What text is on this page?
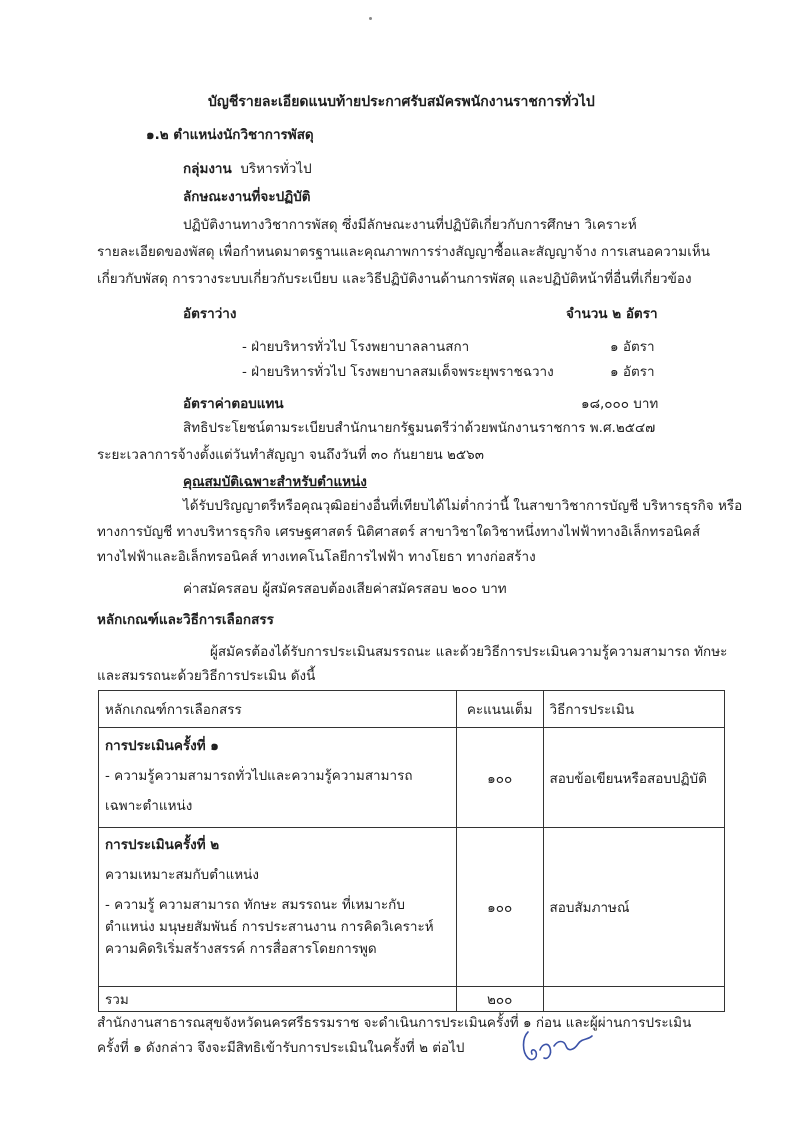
บัญชีรายละเอียดแนบท้ายประกาศรับสมัครพนักงานราชการทั่วไป
๑.๒ ตำแหน่งนักวิชาการพัสดุ
กลุ่มงาน บริหารทั่วไป
ลักษณะงานที่จะปฏิบัติ
ปฏิบัติงานทางวิชาการพัสดุ ซึ่งมีลักษณะงานที่ปฏิบัติเกี่ยวกับการศึกษา วิเคราะห์
รายละเอียดของพัสดุ เพื่อกำหนดมาตรฐานและคุณภาพการร่างสัญญาซื้อและสัญญาจ้าง การเสนอความเห็น
เกี่ยวกับพัสดุ การวางระบบเกี่ยวกับระเบียบ และวิธีปฏิบัติงานด้านการพัสดุ และปฏิบัติหน้าที่อื่นที่เกี่ยวข้อง
อัตราว่าง	จำนวน ๒ อัตรา
- ฝ่ายบริหารทั่วไป โรงพยาบาลลานสกา	๑ อัตรา
- ฝ่ายบริหารทั่วไป โรงพยาบาลสมเด็จพระยุพราชฉวาง	๑ อัตรา
อัตราค่าตอบแทน	๑๘,๐๐๐ บาท
สิทธิประโยชน์ตามระเบียบสำนักนายกรัฐมนตรีว่าด้วยพนักงานราชการ พ.ศ.๒๕๔๗
ระยะเวลาการจ้างตั้งแต่วันทำสัญญา จนถึงวันที่ ๓๐ กันยายน ๒๕๖๓
คุณสมบัติเฉพาะสำหรับตำแหน่ง
ได้รับปริญญาตรีหรือคุณวุฒิอย่างอื่นที่เทียบได้ไม่ต่ำกว่านี้ ในสาขาวิชาการบัญชี บริหารธุรกิจ หรือ
ทางการบัญชี ทางบริหารธุรกิจ เศรษฐศาสตร์ นิติศาสตร์ สาขาวิชาใดวิชาหนึ่งทางไฟฟ้าทางอิเล็กทรอนิคส์
ทางไฟฟ้าและอิเล็กทรอนิคส์ ทางเทคโนโลยีการไฟฟ้า ทางโยธา ทางก่อสร้าง
ค่าสมัครสอบ ผู้สมัครสอบต้องเสียค่าสมัครสอบ ๒๐๐ บาท
หลักเกณฑ์และวิธีการเลือกสรร
ผู้สมัครต้องได้รับการประเมินสมรรถนะ และด้วยวิธีการประเมินความรู้ความสามารถ ทักษะ
และสมรรถนะด้วยวิธีการประเมิน ดังนี้
หลักเกณฑ์การเลือกสรร	คะแนนเต็ม	วิธีการประเมิน

การประเมินครั้งที่ ๑
- ความรู้ความสามารถทั่วไปและความรู้ความสามารถ
เฉพาะตำแหน่ง	๑๐๐	สอบข้อเขียนหรือสอบปฏิบัติ

การประเมินครั้งที่ ๒
ความเหมาะสมกับตำแหน่ง
- ความรู้ ความสามารถ ทักษะ สมรรถนะ ที่เหมาะกับ
ตำแหน่ง มนุษยสัมพันธ์ การประสานงาน การคิดวิเคราะห์
ความคิดริเริ่มสร้างสรรค์ การสื่อสารโดยการพูด	๑๐๐	สอบสัมภาษณ์
รวม	๒๐๐	
สำนักงานสาธารณสุขจังหวัดนครศรีธรรมราช จะดำเนินการประเมินครั้งที่ ๑ ก่อน และผู้ผ่านการประเมิน
ครั้งที่ ๑ ดังกล่าว จึงจะมีสิทธิเข้ารับการประเมินในครั้งที่ ๒ ต่อไป
